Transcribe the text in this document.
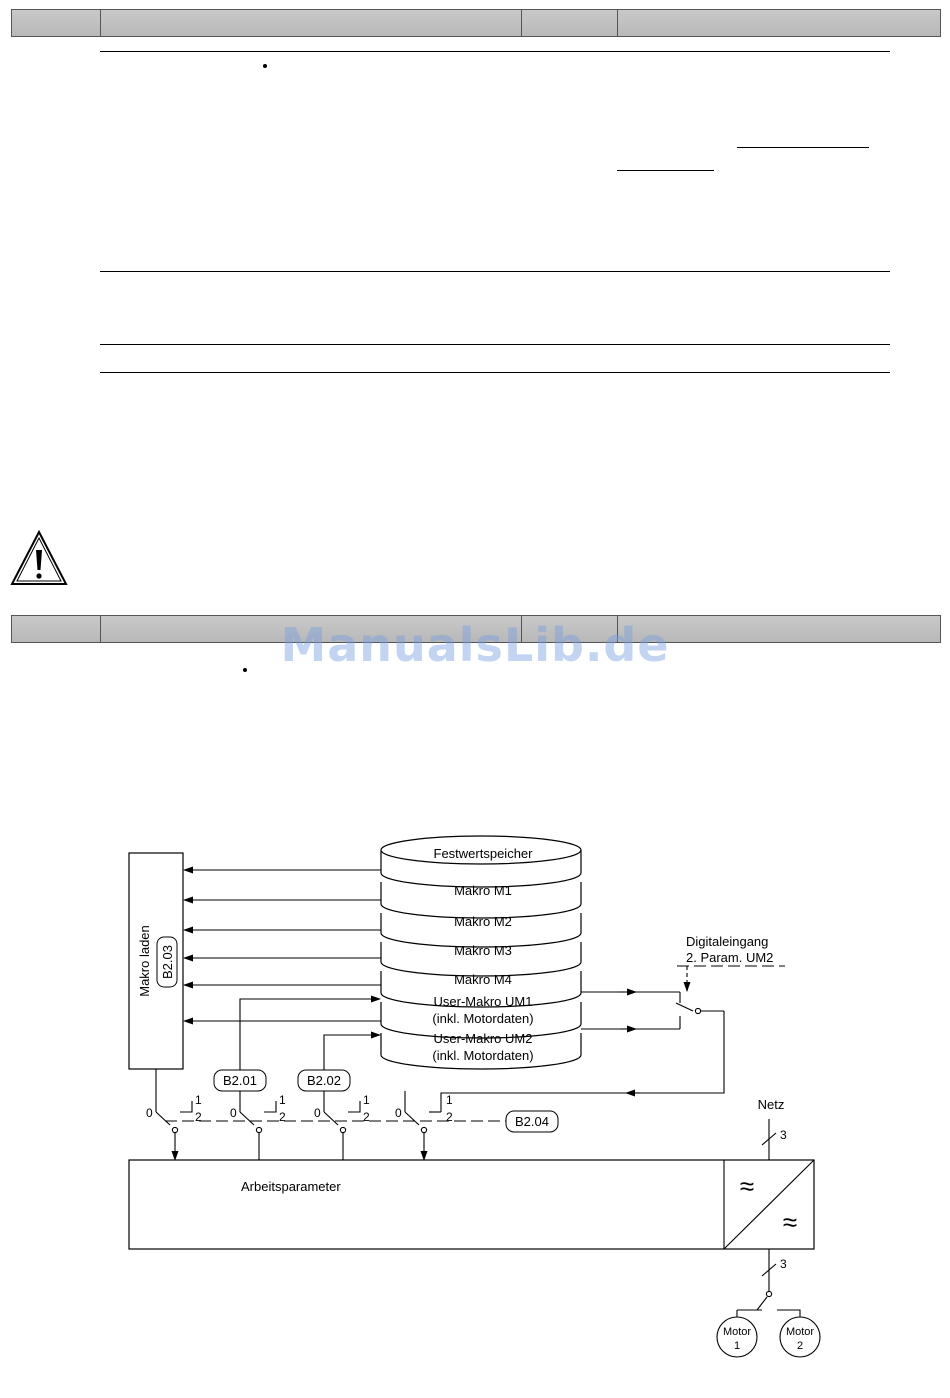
ManualsLib.de
Festwertspeicher
Makro M1
Makro M2
Makro M3
Makro M4
User-Makro UM1
(inkl. Motordaten)
User-Makro UM2
(inkl. Motordaten)
Makro laden B2.03
B2.01	B2.02
Digitaleingang
2. Param. UM2
0
1
2 0
1
2 0
1
2 0
1
2	B2.04
Arbeitsparameter	≈
≈
Netz
3
3
Motor
1
Motor
2
